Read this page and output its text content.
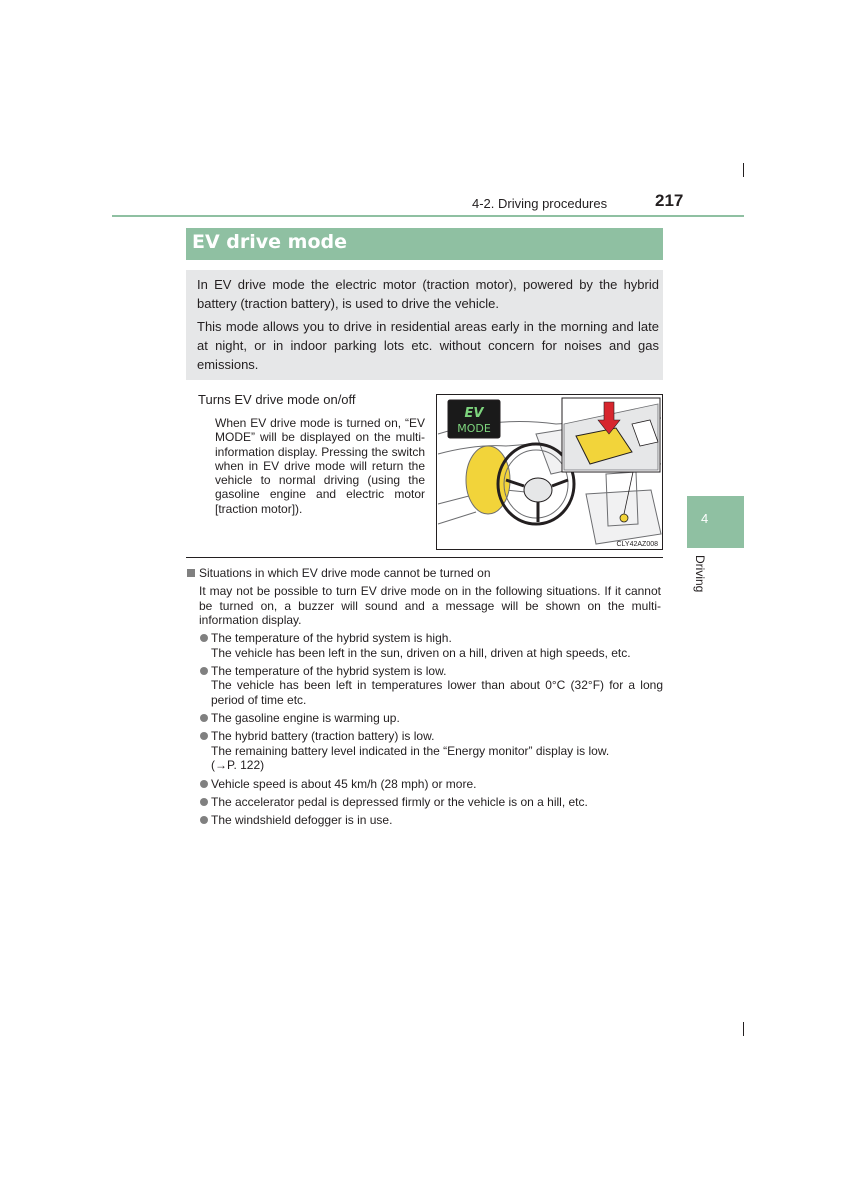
4-2. Driving procedures	217
4
Driving
EV drive mode

In EV drive mode the electric motor (traction motor), powered by the hybrid battery (traction battery), is used to drive the vehicle.

This mode allows you to drive in residential areas early in the morning and late at night, or in indoor parking lots etc. without concern for noises and gas emissions.

Turns EV drive mode on/off

When EV drive mode is turned on, “EV MODE” will be displayed on the multi-information display. Pressing the switch when in EV drive mode will return the vehicle to normal driving (using the gasoline engine and electric motor [traction motor]).

EV
MODE
CLY42AZ008
Situations in which EV drive mode cannot be turned on

It may not be possible to turn EV drive mode on in the following situations. If it cannot be turned on, a buzzer will sound and a message will be shown on the multi-information display.

The temperature of the hybrid system is high.
The vehicle has been left in the sun, driven on a hill, driven at high speeds, etc.
The temperature of the hybrid system is low.
The vehicle has been left in temperatures lower than about 0°C (32°F) for a long period of time etc.
The gasoline engine is warming up.
The hybrid battery (traction battery) is low.
The remaining battery level indicated in the “Energy monitor” display is low.
(→P. 122)
Vehicle speed is about 45 km/h (28 mph) or more.
The accelerator pedal is depressed firmly or the vehicle is on a hill, etc.
The windshield defogger is in use.
